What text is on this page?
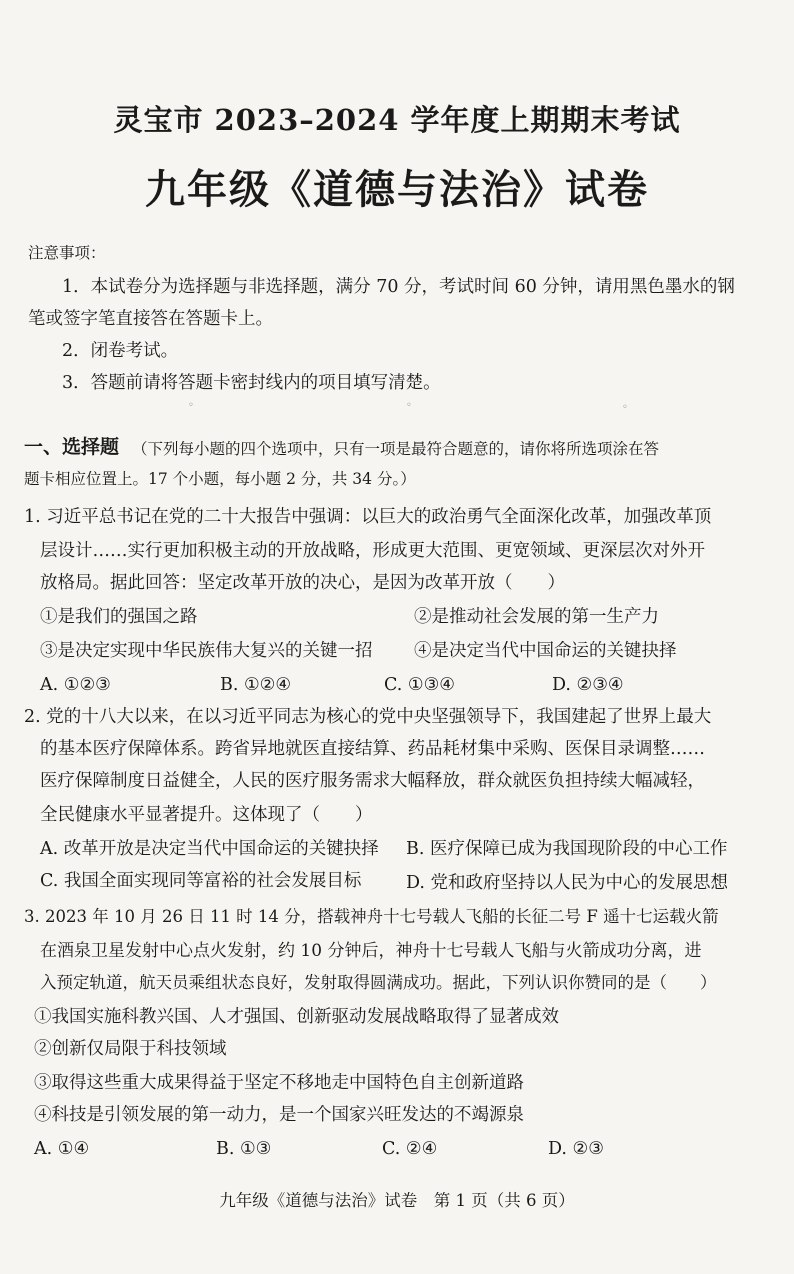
灵宝市 2023–2024 学年度上期期末考试
九年级《道德与法治》试卷
注意事项：
1．本试卷分为选择题与非选择题，满分 70 分，考试时间 60 分钟，请用黑色墨水的钢
笔或签字笔直接答在答题卡上。
2．闭卷考试。
3．答题前请将答题卡密封线内的项目填写清楚。
◦	◦	◦
一、选择题 （下列每小题的四个选项中，只有一项是最符合题意的，请你将所选项涂在答
题卡相应位置上。17 个小题，每小题 2 分，共 34 分。）
1. 习近平总书记在党的二十大报告中强调：以巨大的政治勇气全面深化改革，加强改革顶
层设计……实行更加积极主动的开放战略，形成更大范围、更宽领域、更深层次对外开
放格局。据此回答：坚定改革开放的决心，是因为改革开放（　　）
①是我们的强国之路	②是推动社会发展的第一生产力
③是决定实现中华民族伟大复兴的关键一招 ④是决定当代中国命运的关键抉择
A. ①②③	B. ①②④	C. ①③④	D. ②③④
2. 党的十八大以来，在以习近平同志为核心的党中央坚强领导下，我国建起了世界上最大
的基本医疗保障体系。跨省异地就医直接结算、药品耗材集中采购、医保目录调整……
医疗保障制度日益健全，人民的医疗服务需求大幅释放，群众就医负担持续大幅减轻，
全民健康水平显著提升。这体现了（　　）
A. 改革开放是决定当代中国命运的关键抉择 B. 医疗保障已成为我国现阶段的中心工作
C. 我国全面实现同等富裕的社会发展目标	D. 党和政府坚持以人民为中心的发展思想
3. 2023 年 10 月 26 日 11 时 14 分，搭载神舟十七号载人飞船的长征二号 F 遥十七运载火箭
在酒泉卫星发射中心点火发射，约 10 分钟后，神舟十七号载人飞船与火箭成功分离，进
入预定轨道，航天员乘组状态良好，发射取得圆满成功。据此，下列认识你赞同的是（　　）
①我国实施科教兴国、人才强国、创新驱动发展战略取得了显著成效
②创新仅局限于科技领域
③取得这些重大成果得益于坚定不移地走中国特色自主创新道路
④科技是引领发展的第一动力，是一个国家兴旺发达的不竭源泉
A. ①④	B. ①③	C. ②④	D. ②③
九年级《道德与法治》试卷　第 1 页（共 6 页）
